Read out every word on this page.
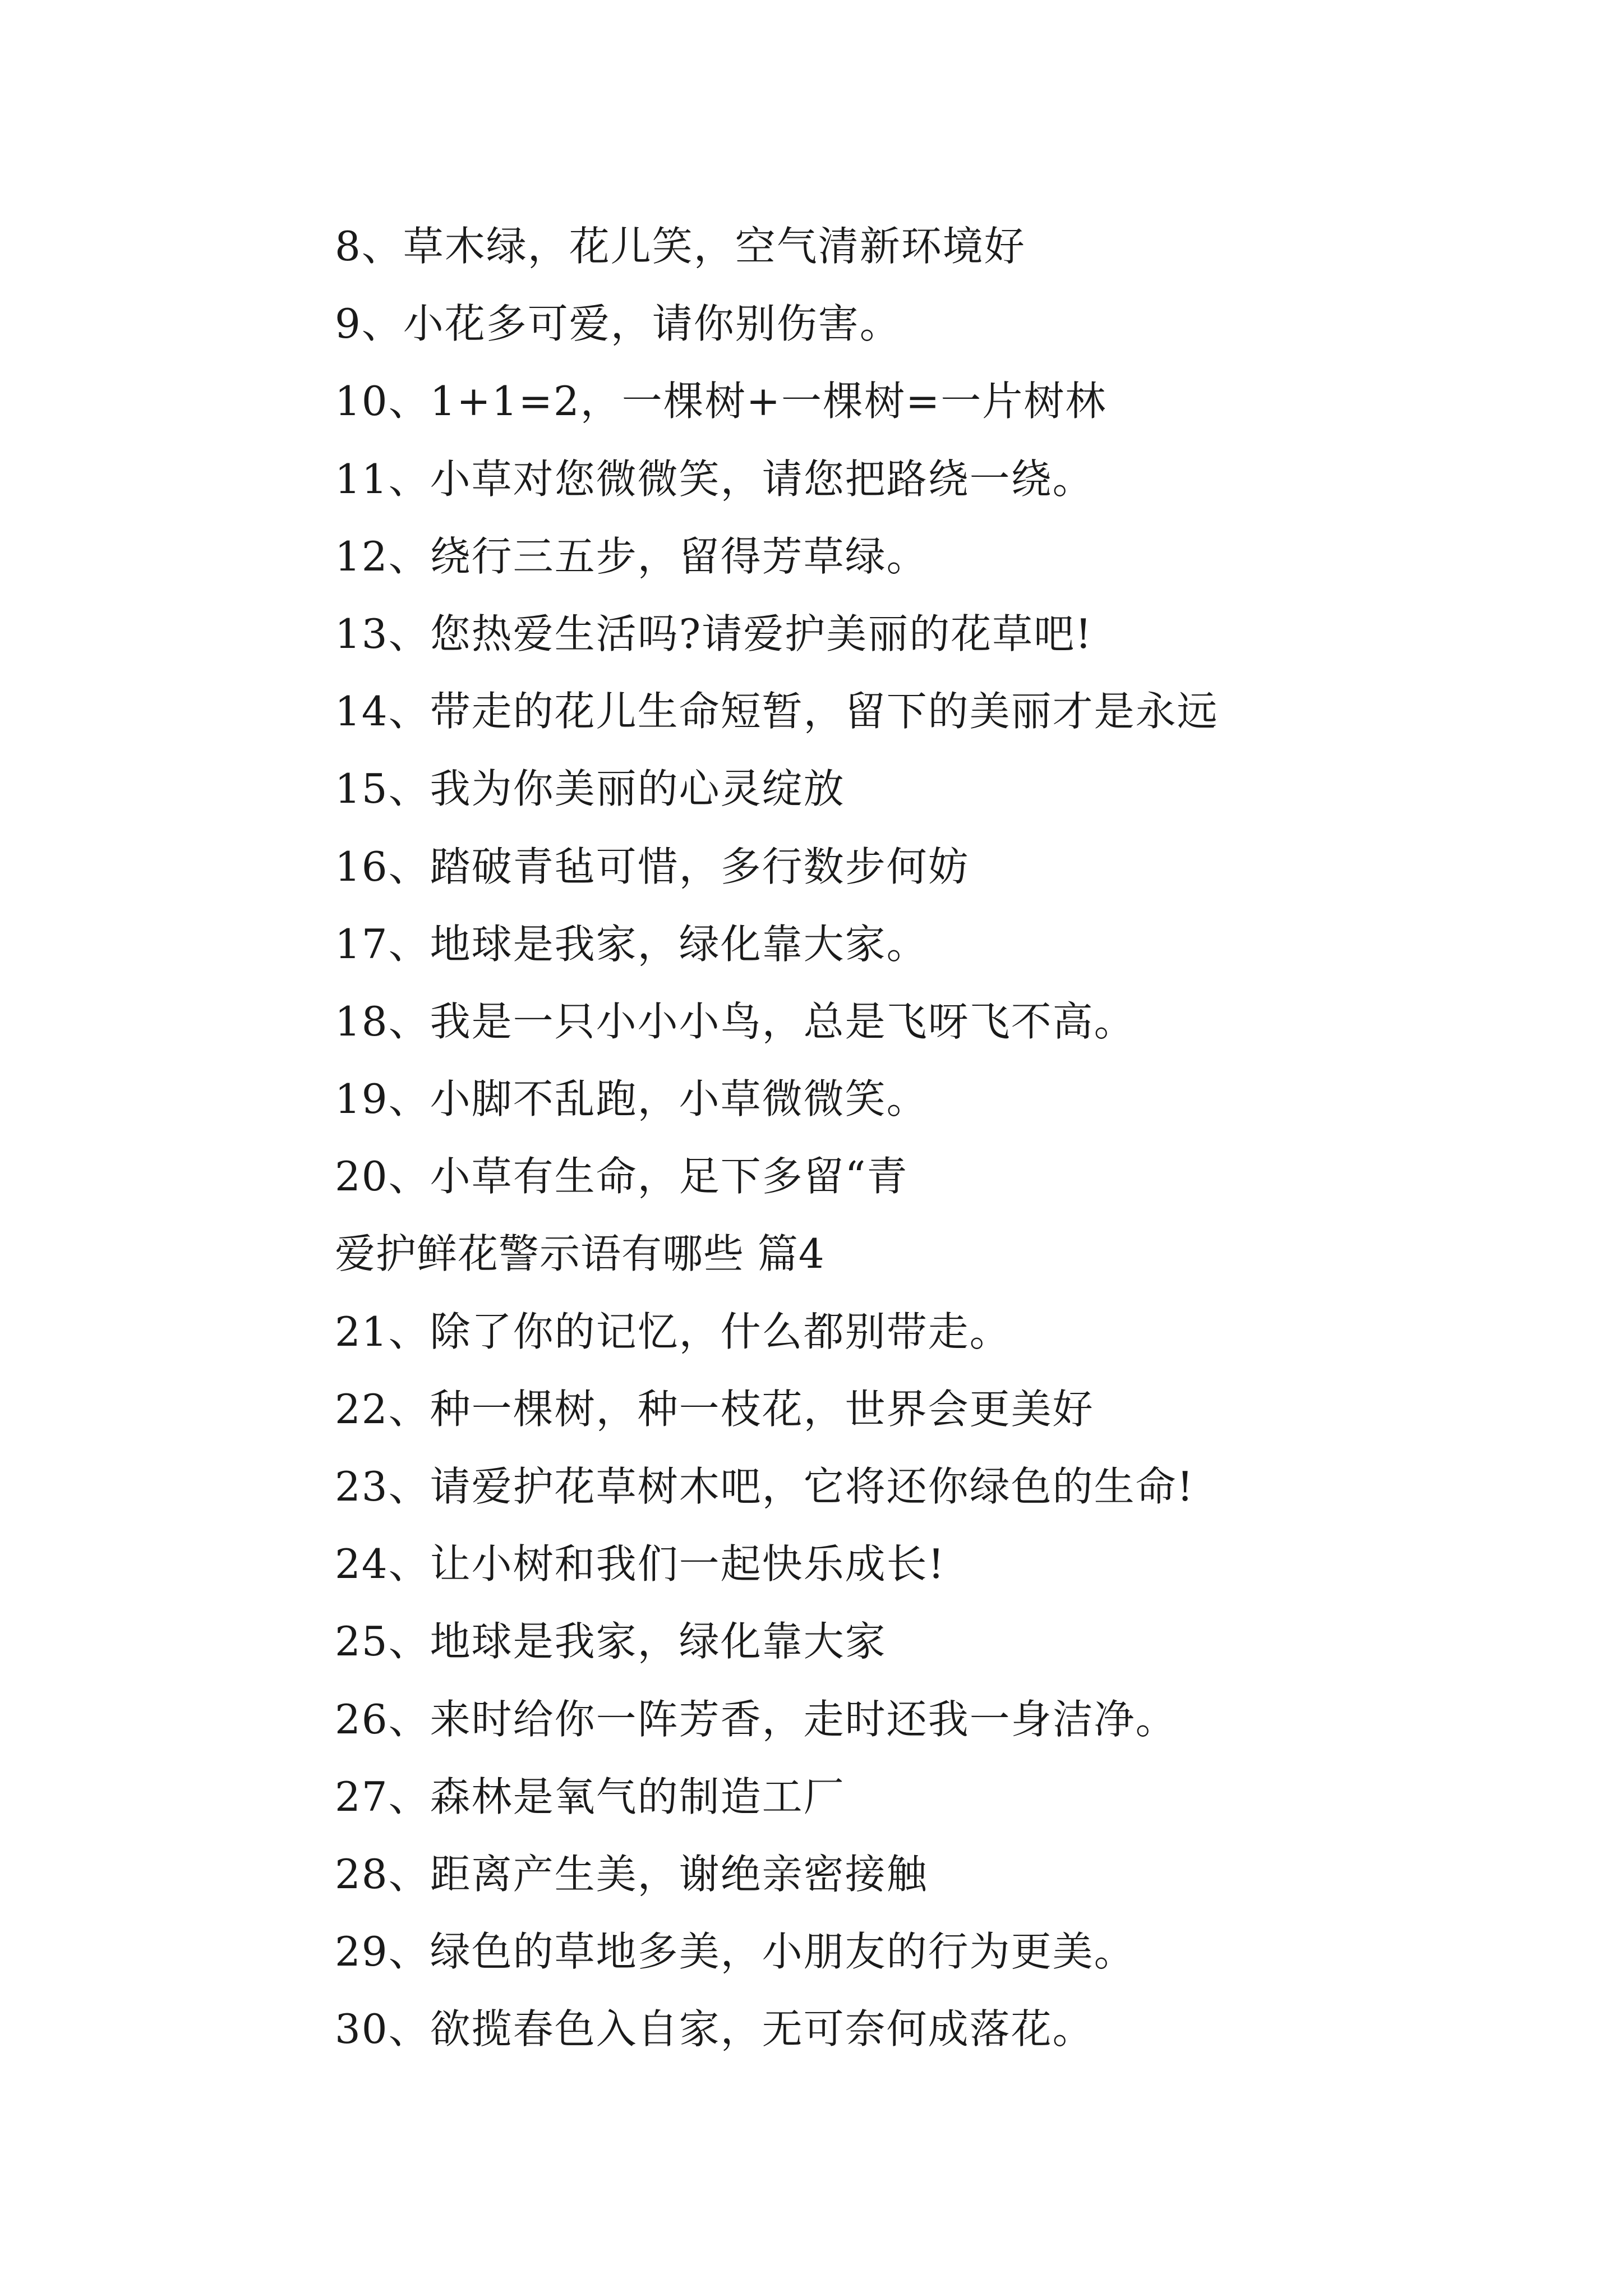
8、草木绿，花儿笑，空气清新环境好
9、小花多可爱，请你别伤害。
10、1+1=2，一棵树+一棵树=一片树林
11、小草对您微微笑，请您把路绕一绕。
12、绕行三五步，留得芳草绿。
13、您热爱生活吗?请爱护美丽的花草吧!
14、带走的花儿生命短暂，留下的美丽才是永远
15、我为你美丽的心灵绽放
16、踏破青毡可惜，多行数步何妨
17、地球是我家，绿化靠大家。
18、我是一只小小小鸟，总是飞呀飞不高。
19、小脚不乱跑，小草微微笑。
20、小草有生命，足下多留“青
爱护鲜花警示语有哪些 篇4
21、除了你的记忆，什么都别带走。
22、种一棵树，种一枝花，世界会更美好
23、请爱护花草树木吧，它将还你绿色的生命!
24、让小树和我们一起快乐成长!
25、地球是我家，绿化靠大家
26、来时给你一阵芳香，走时还我一身洁净。
27、森林是氧气的制造工厂
28、距离产生美，谢绝亲密接触
29、绿色的草地多美，小朋友的行为更美。
30、欲揽春色入自家，无可奈何成落花。
